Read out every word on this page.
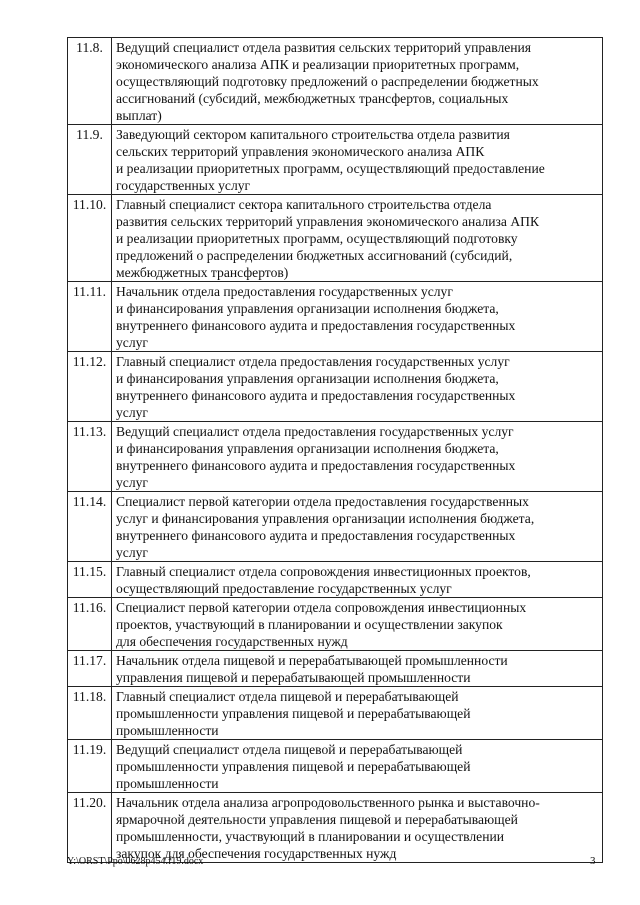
11.8.	Ведущий специалист отдела развития сельских территорий управления
экономического анализа АПК и реализации приоритетных программ,
осуществляющий подготовку предложений о распределении бюджетных
ассигнований (субсидий, межбюджетных трансфертов, социальных
выплат)
11.9.	Заведующий сектором капитального строительства отдела развития
сельских территорий управления экономического анализа АПК
и реализации приоритетных программ, осуществляющий предоставление
государственных услуг
11.10.	Главный специалист сектора капитального строительства отдела
развития сельских территорий управления экономического анализа АПК
и реализации приоритетных программ, осуществляющий подготовку
предложений о распределении бюджетных ассигнований (субсидий,
межбюджетных трансфертов)
11.11.	Начальник отдела предоставления государственных услуг
и финансирования управления организации исполнения бюджета,
внутреннего финансового аудита и предоставления государственных
услуг
11.12.	Главный специалист отдела предоставления государственных услуг
и финансирования управления организации исполнения бюджета,
внутреннего финансового аудита и предоставления государственных
услуг
11.13.	Ведущий специалист отдела предоставления государственных услуг
и финансирования управления организации исполнения бюджета,
внутреннего финансового аудита и предоставления государственных
услуг
11.14.	Специалист первой категории отдела предоставления государственных
услуг и финансирования управления организации исполнения бюджета,
внутреннего финансового аудита и предоставления государственных
услуг
11.15.	Главный специалист отдела сопровождения инвестиционных проектов,
осуществляющий предоставление государственных услуг
11.16.	Специалист первой категории отдела сопровождения инвестиционных
проектов, участвующий в планировании и осуществлении закупок
для обеспечения государственных нужд
11.17.	Начальник отдела пищевой и перерабатывающей промышленности
управления пищевой и перерабатывающей промышленности
11.18.	Главный специалист отдела пищевой и перерабатывающей
промышленности управления пищевой и перерабатывающей
промышленности
11.19.	Ведущий специалист отдела пищевой и перерабатывающей
промышленности управления пищевой и перерабатывающей
промышленности
11.20.	Начальник отдела анализа агропродовольственного рынка и выставочно-
ярмарочной деятельности управления пищевой и перерабатывающей
промышленности, участвующий в планировании и осуществлении
закупок для обеспечения государственных нужд
Y:\ORST\Ppo\0628p454.f19.docx	3
